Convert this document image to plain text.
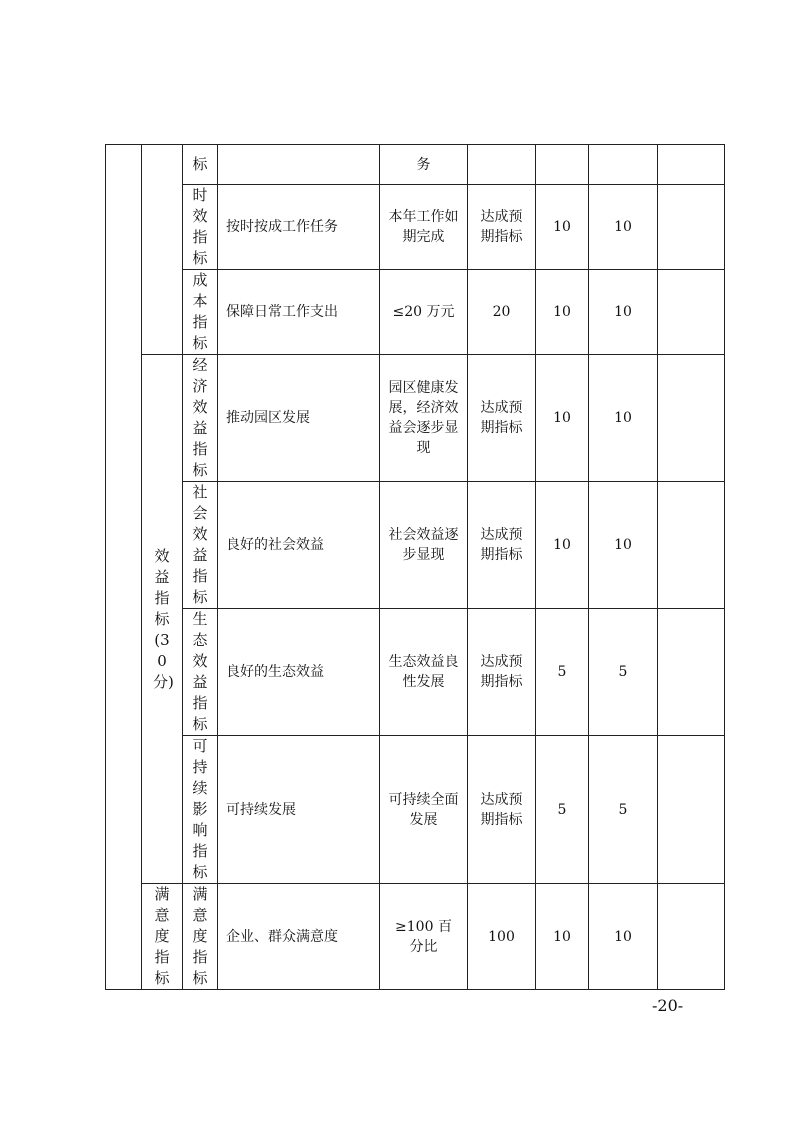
		标		务				
		时效指标	按时按成工作任务	本年工作如期完成	达成预期指标	10	10	
		成本指标	保障日常工作支出	≤20 万元	20	10	10	
	效益指标(30分)	经济效益指标	推动园区发展	园区健康发展，经济效益会逐步显现	达成预期指标	10	10	
		社会效益指标	良好的社会效益	社会效益逐步显现	达成预期指标	10	10	
		生态效益指标	良好的生态效益	生态效益良性发展	达成预期指标	5	5	
		可持续影响指标	可持续发展	可持续全面发展	达成预期指标	5	5	
	满意度指标	满意度指标	企业、群众满意度	≥100 百分比	100	10	10	
-20-
